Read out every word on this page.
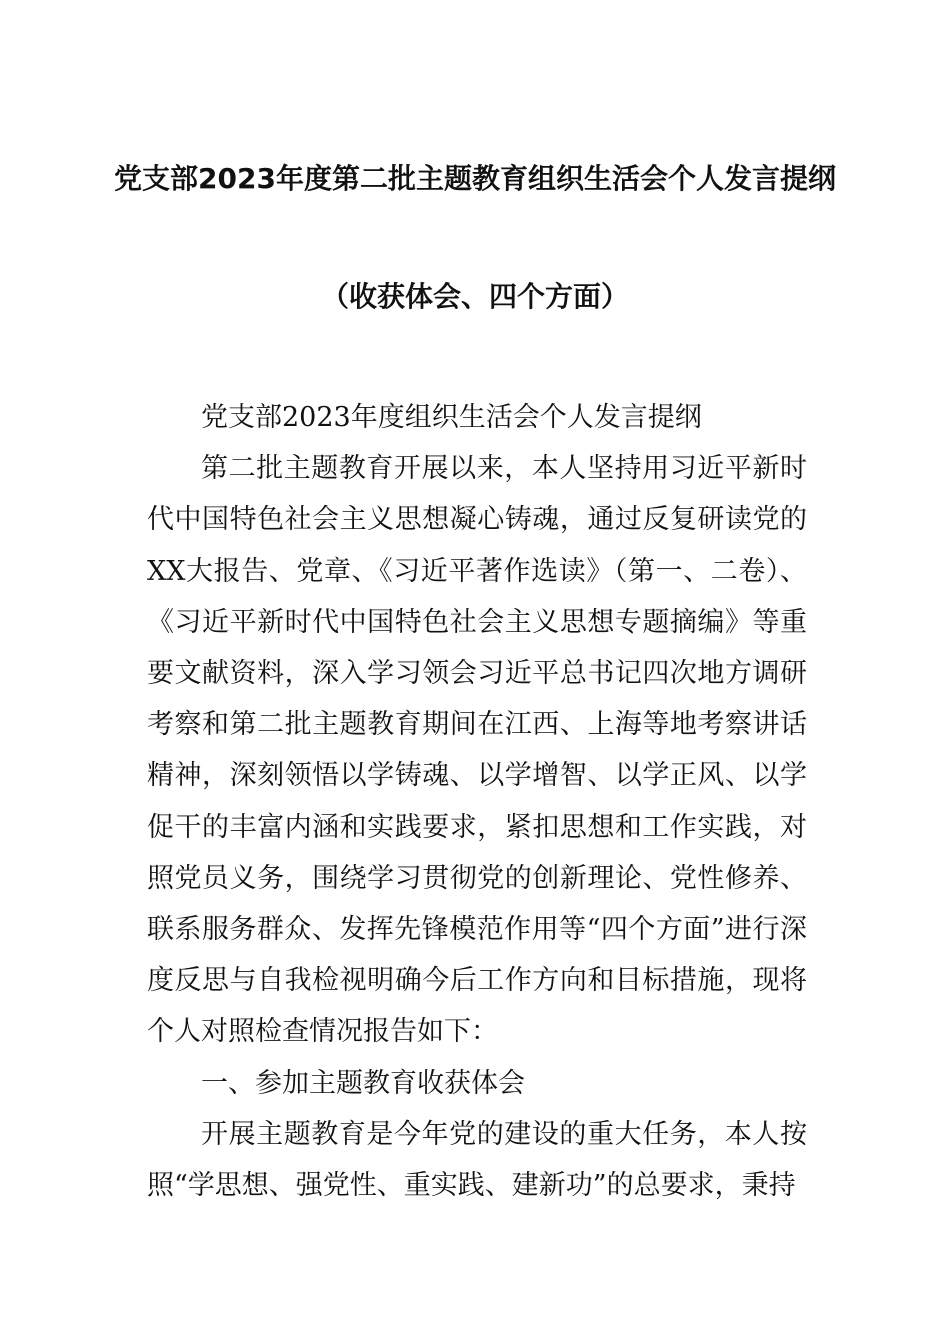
党支部2023年度第二批主题教育组织生活会个人发言提纲
（收获体会、四个方面）

党支部2023年度组织生活会个人发言提纲

第二批主题教育开展以来，本人坚持用习近平新时代中国特色社会主义思想凝心铸魂，通过反复研读党的XX大报告、党章、《习近平著作选读》（第一、二卷）、《习近平新时代中国特色社会主义思想专题摘编》等重要文献资料，深入学习领会习近平总书记四次地方调研考察和第二批主题教育期间在江西、上海等地考察讲话精神，深刻领悟以学铸魂、以学增智、以学正风、以学促干的丰富内涵和实践要求，紧扣思想和工作实践，对照党员义务，围绕学习贯彻党的创新理论、党性修养、联系服务群众、发挥先锋模范作用等“四个方面”进行深度反思与自我检视明确今后工作方向和目标措施，现将个人对照检查情况报告如下：

一、参加主题教育收获体会

开展主题教育是今年党的建设的重大任务，本人按照“学思想、强党性、重实践、建新功”的总要求，秉持
